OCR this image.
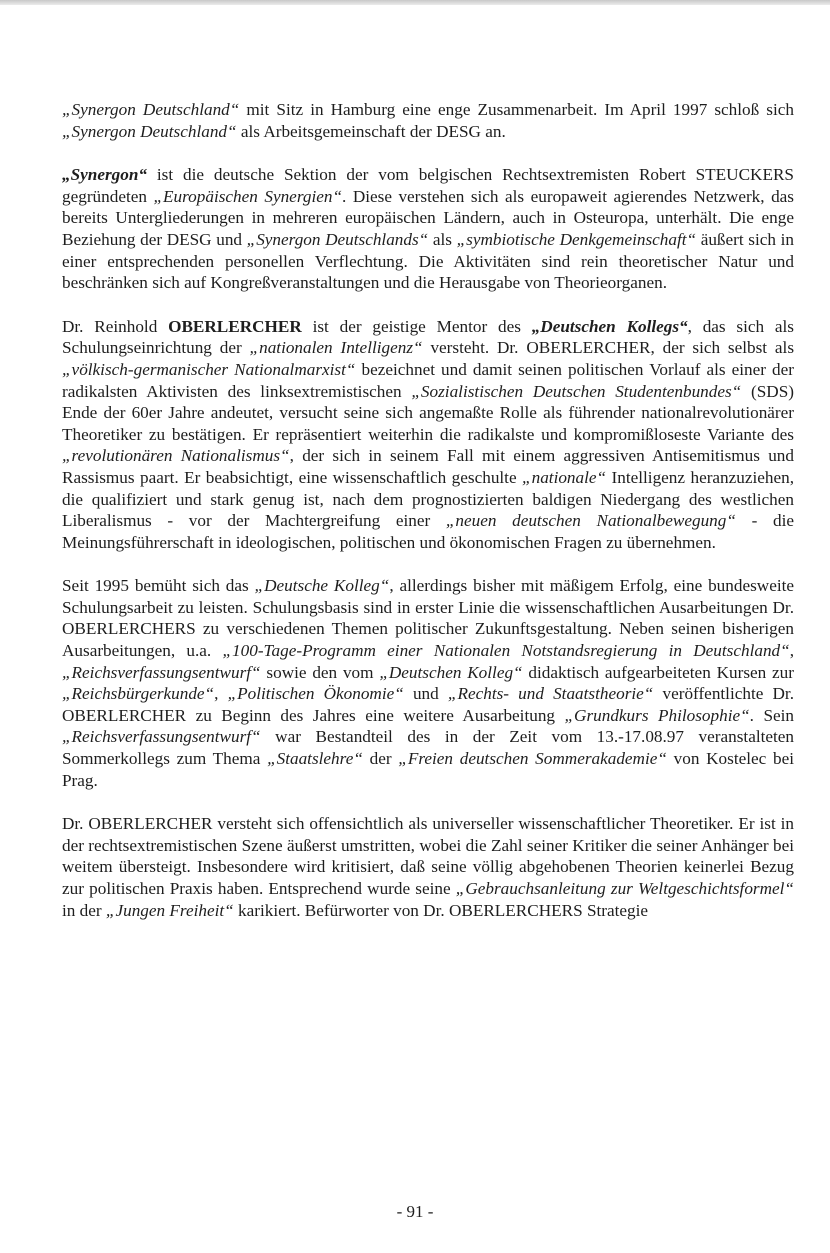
„Synergon Deutschland“ mit Sitz in Hamburg eine enge Zusammenarbeit. Im April 1997 schloß sich „Synergon Deutschland“ als Arbeitsgemeinschaft der DESG an.

„Synergon“ ist die deutsche Sektion der vom belgischen Rechtsextremisten Robert STEUCKERS gegründeten „Europäischen Synergien“. Diese verstehen sich als europaweit agierendes Netzwerk, das bereits Untergliederungen in mehreren europäischen Ländern, auch in Osteuropa, unterhält. Die enge Beziehung der DESG und „Synergon Deutschlands“ als „symbiotische Denkgemeinschaft“ äußert sich in einer entsprechenden personellen Verflechtung. Die Aktivitäten sind rein theoretischer Natur und beschränken sich auf Kongreßveranstaltungen und die Herausgabe von Theorieorganen.

Dr. Reinhold OBERLERCHER ist der geistige Mentor des „Deutschen Kollegs“, das sich als Schulungseinrichtung der „nationalen Intelligenz“ versteht. Dr. OBERLERCHER, der sich selbst als „völkisch-germanischer Nationalmarxist“ bezeichnet und damit seinen politischen Vorlauf als einer der radikalsten Aktivisten des linksextremistischen „Sozialistischen Deutschen Studentenbundes“ (SDS) Ende der 60er Jahre andeutet, versucht seine sich angemaßte Rolle als führender nationalrevolutionärer Theoretiker zu bestätigen. Er repräsentiert weiterhin die radikalste und kompromißloseste Variante des „revolutionären Nationalismus“, der sich in seinem Fall mit einem aggressiven Antisemitismus und Rassismus paart. Er beabsichtigt, eine wissenschaftlich geschulte „nationale“ Intelligenz heranzuziehen, die qualifiziert und stark genug ist, nach dem prognostizierten baldigen Niedergang des westlichen Liberalismus - vor der Machtergreifung einer „neuen deutschen Nationalbewegung“ - die Meinungsführerschaft in ideologischen, politischen und ökonomischen Fragen zu übernehmen.

Seit 1995 bemüht sich das „Deutsche Kolleg“, allerdings bisher mit mäßigem Erfolg, eine bundesweite Schulungsarbeit zu leisten. Schulungsbasis sind in erster Linie die wissenschaftlichen Ausarbeitungen Dr. OBERLERCHERS zu verschiedenen Themen politischer Zukunftsgestaltung. Neben seinen bisherigen Ausarbeitungen, u.a. „100-Tage-Programm einer Nationalen Notstandsregierung in Deutschland“, „Reichsverfassungsentwurf“ sowie den vom „Deutschen Kolleg“ didaktisch aufgearbeiteten Kursen zur „Reichsbürgerkunde“, „Politischen Ökonomie“ und „Rechts- und Staatstheorie“ veröffentlichte Dr. OBERLERCHER zu Beginn des Jahres eine weitere Ausarbeitung „Grundkurs Philosophie“. Sein „Reichsverfassungsentwurf“ war Bestandteil des in der Zeit vom 13.-17.08.97 veranstalteten Sommerkollegs zum Thema „Staatslehre“ der „Freien deutschen Sommerakademie“ von Kostelec bei Prag.

Dr. OBERLERCHER versteht sich offensichtlich als universeller wissenschaftlicher Theoretiker. Er ist in der rechtsextremistischen Szene äußerst umstritten, wobei die Zahl seiner Kritiker die seiner Anhänger bei weitem übersteigt. Insbesondere wird kritisiert, daß seine völlig abgehobenen Theorien keinerlei Bezug zur politischen Praxis haben. Entsprechend wurde seine „Gebrauchsanleitung zur Weltgeschichtsformel“ in der „Jungen Freiheit“ karikiert. Befürworter von Dr. OBERLERCHERS Strategie

- 91 -
